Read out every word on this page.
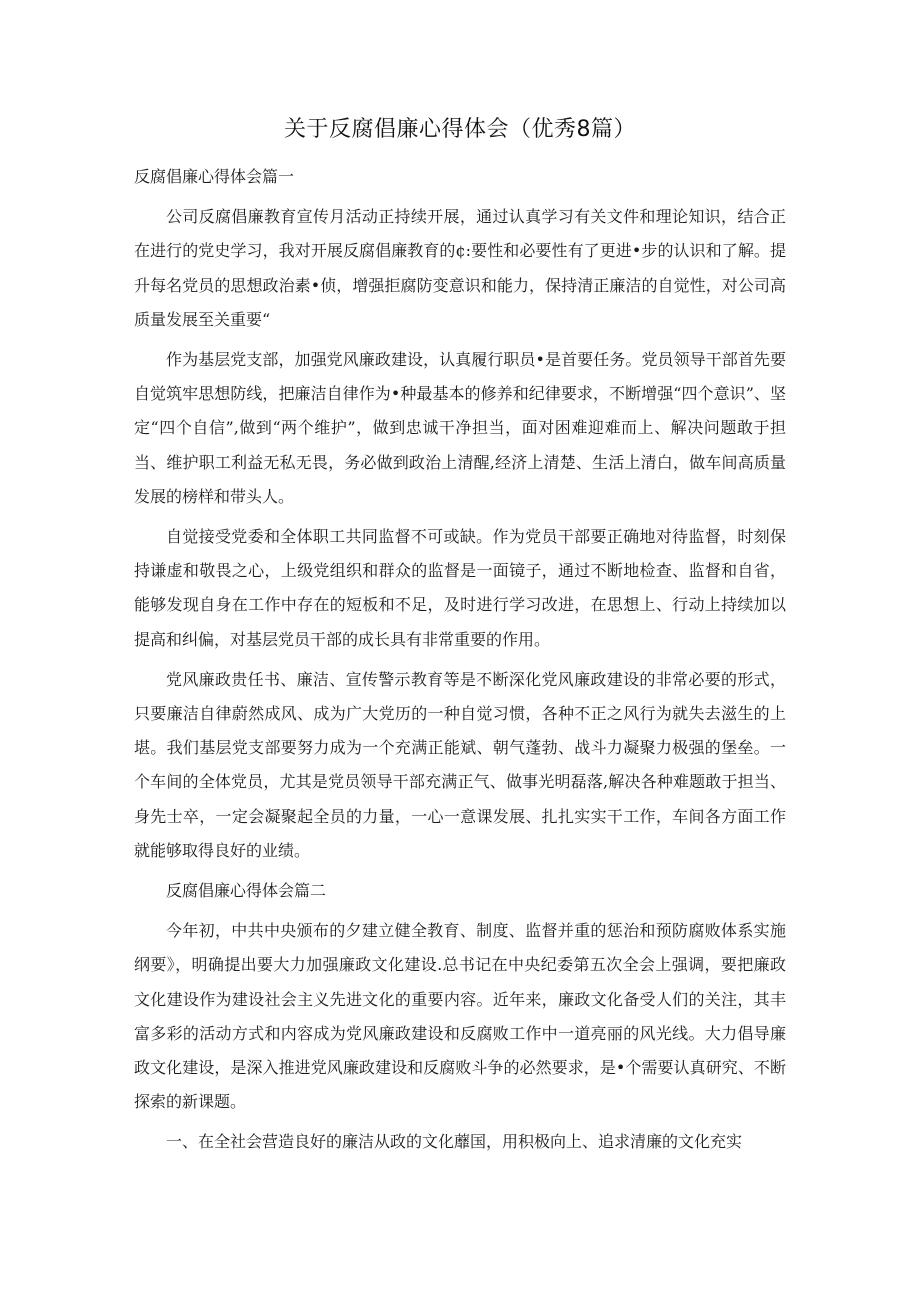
关于反腐倡廉心得体会（优秀8篇）

反腐倡廉心得体会篇一

公司反腐倡廉教育宣传月活动正持续开展，通过认真学习有关文件和理论知识，结合正在进行的党史学习，我对开展反腐倡廉教育的¢:要性和必要性有了更进•步的认识和了解。提升每名党员的思想政治素•侦，增强拒腐防变意识和能力，保持清正廉洁的自觉性，对公司高质量发展至关重要“

作为基层党支部，加强党风廉政建设，认真履行职员•是首要任务。党员领导干部首先要自觉筑牢思想防线，把廉洁自律作为•种最基本的修养和纪律要求，不断增强“四个意识”、坚定“四个自信”,做到“两个维护”，做到忠诚干净担当，面对困难迎难而上、解决问题敢于担当、维护职工利益无私无畏，务必做到政治上清醒,经济上清楚、生活上清白，做车间高质量发展的榜样和带头人。

自觉接受党委和全体职工共同监督不可或缺。作为党员干部要正确地对待监督，时刻保持谦虚和敬畏之心，上级党组织和群众的监督是一面镜子，通过不断地检查、监督和自省，能够发现自身在工作中存在的短板和不足，及时进行学习改进，在思想上、行动上持续加以提高和纠偏，对基层党员干部的成长具有非常重要的作用。

党风廉政贵任书、廉洁、宣传警示教育等是不断深化党风廉政建设的非常必要的形式，只要廉洁自律蔚然成风、成为广大党历的一种自觉习惯，各种不正之风行为就失去滋生的上堪。我们基层党支部要努力成为一个充满正能斌、朝气蓬勃、战斗力凝聚力极强的堡垒。一个车间的全体党员，尤其是党员领导干部充满正气、做事光明磊落,解决各种难题敢于担当、身先士卒，一定会凝聚起全员的力量，一心一意课发展、扎扎实实干工作，车间各方面工作就能够取得良好的业绩。

反腐倡廉心得体会篇二

今年初，中共中央颁布的夕建立健全教育、制度、监督并重的惩治和预防腐败体系实施纲要》，明确提出要大力加强廉政文化建设.总书记在中央纪委第五次全会上强调，要把廉政文化建设作为建设社会主义先进文化的重要内容。近年来，廉政文化备受人们的关注，其丰富多彩的活动方式和内容成为党风廉政建设和反腐败工作中一道亮丽的风光线。大力倡导廉政文化建设，是深入推进党风廉政建设和反腐败斗争的必然要求，是•个需要认真研究、不断探索的新课题。

一、在全社会营造良好的廉洁从政的文化蘼国，用积极向上、追求清廉的文化充实
